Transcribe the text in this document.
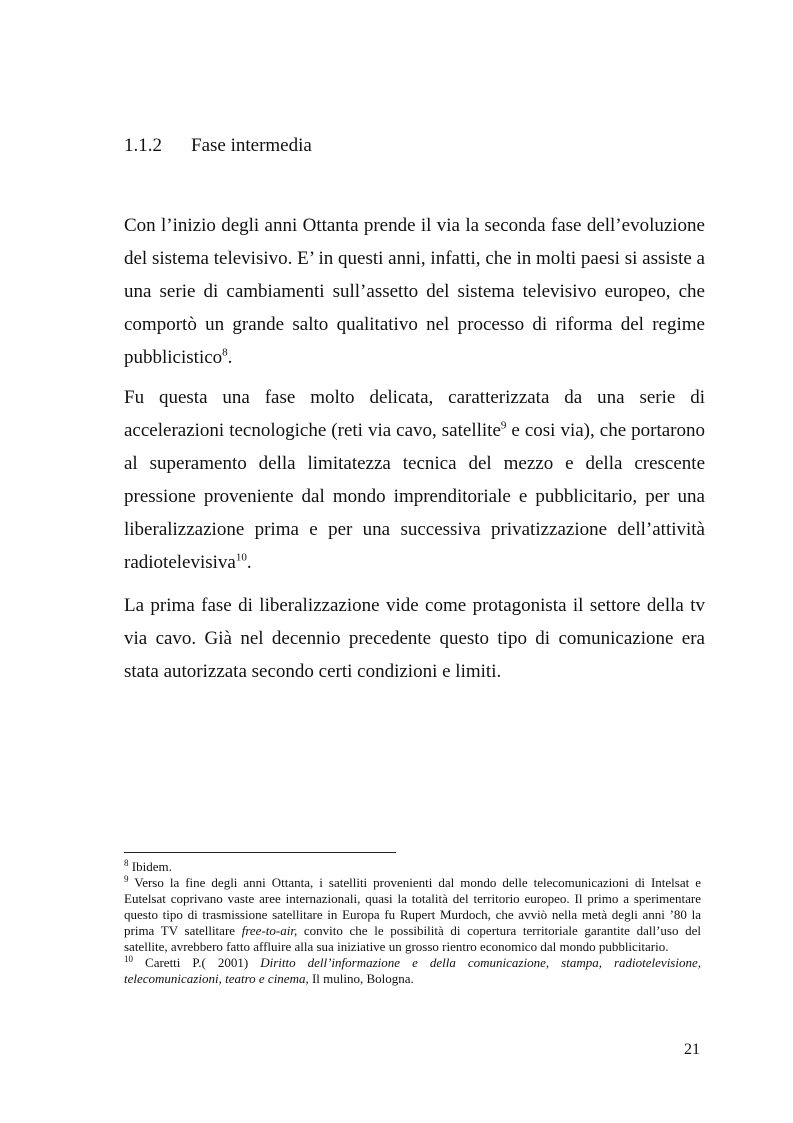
1.1.2 Fase intermedia

Con l’inizio degli anni Ottanta prende il via la seconda fase dell’evoluzione del sistema televisivo. E’ in questi anni, infatti, che in molti paesi si assiste a una serie di cambiamenti sull’assetto del sistema televisivo europeo, che comportò un grande salto qualitativo nel processo di riforma del regime pubblicistico$^8$.

Fu questa una fase molto delicata, caratterizzata da una serie di accelerazioni tecnologiche (reti via cavo, satellite$^9$ e cosi via), che portarono al superamento della limitatezza tecnica del mezzo e della crescente pressione proveniente dal mondo imprenditoriale e pubblicitario, per una liberalizzazione prima e per una successiva privatizzazione dell’attività radiotelevisiva$^{10}$.

La prima fase di liberalizzazione vide come protagonista il settore della tv via cavo. Già nel decennio precedente questo tipo di comunicazione era stata autorizzata secondo certi condizioni e limiti.

$^8$ Ibidem.

$^9$ Verso la fine degli anni Ottanta, i satelliti provenienti dal mondo delle telecomunicazioni di Intelsat e Eutelsat coprivano vaste aree internazionali, quasi la totalità del territorio europeo. Il primo a sperimentare questo tipo di trasmissione satellitare in Europa fu Rupert Murdoch, che avviò nella metà degli anni ’80 la prima TV satellitare free-to-air, convito che le possibilità di copertura territoriale garantite dall’uso del satellite, avrebbero fatto affluire alla sua iniziative un grosso rientro economico dal mondo pubblicitario.

$^{10}$ Caretti P.( 2001) Diritto dell’informazione e della comunicazione, stampa, radiotelevisione, telecomunicazioni, teatro e cinema, Il mulino, Bologna.

21
